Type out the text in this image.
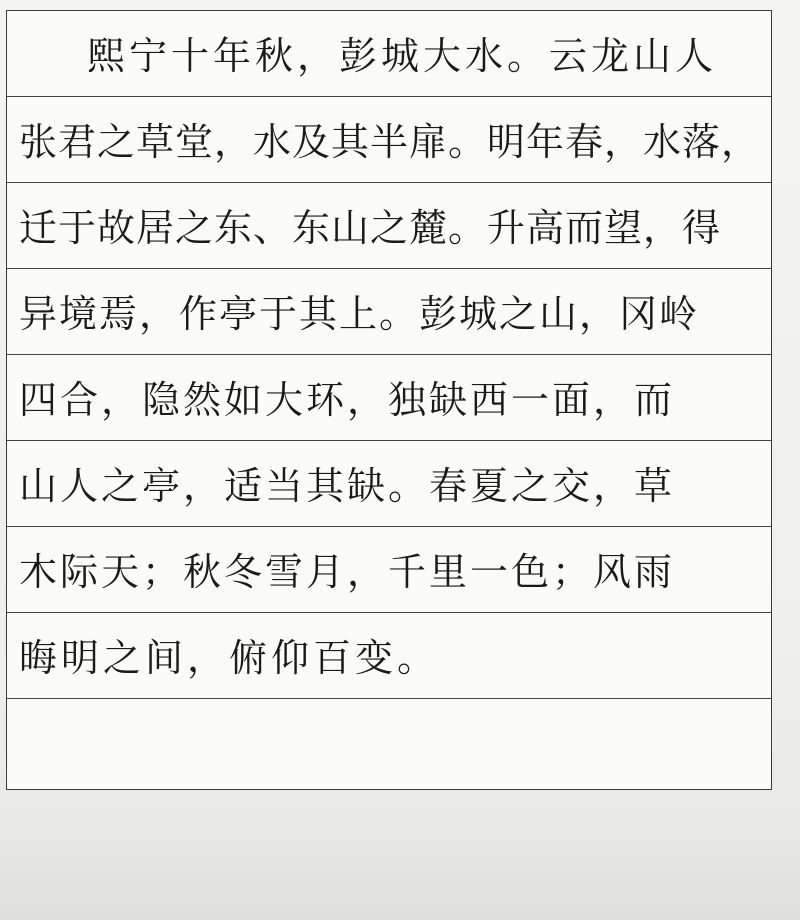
熙宁十年秋，彭城大水。云龙山人
张君之草堂，水及其半扉。明年春，水落，
迁于故居之东、东山之麓。升高而望，得
异境焉，作亭于其上。彭城之山，冈岭
四合，隐然如大环，独缺西一面，而
山人之亭，适当其缺。春夏之交，草
木际天；秋冬雪月，千里一色；风雨
晦明之间，俯仰百变。
